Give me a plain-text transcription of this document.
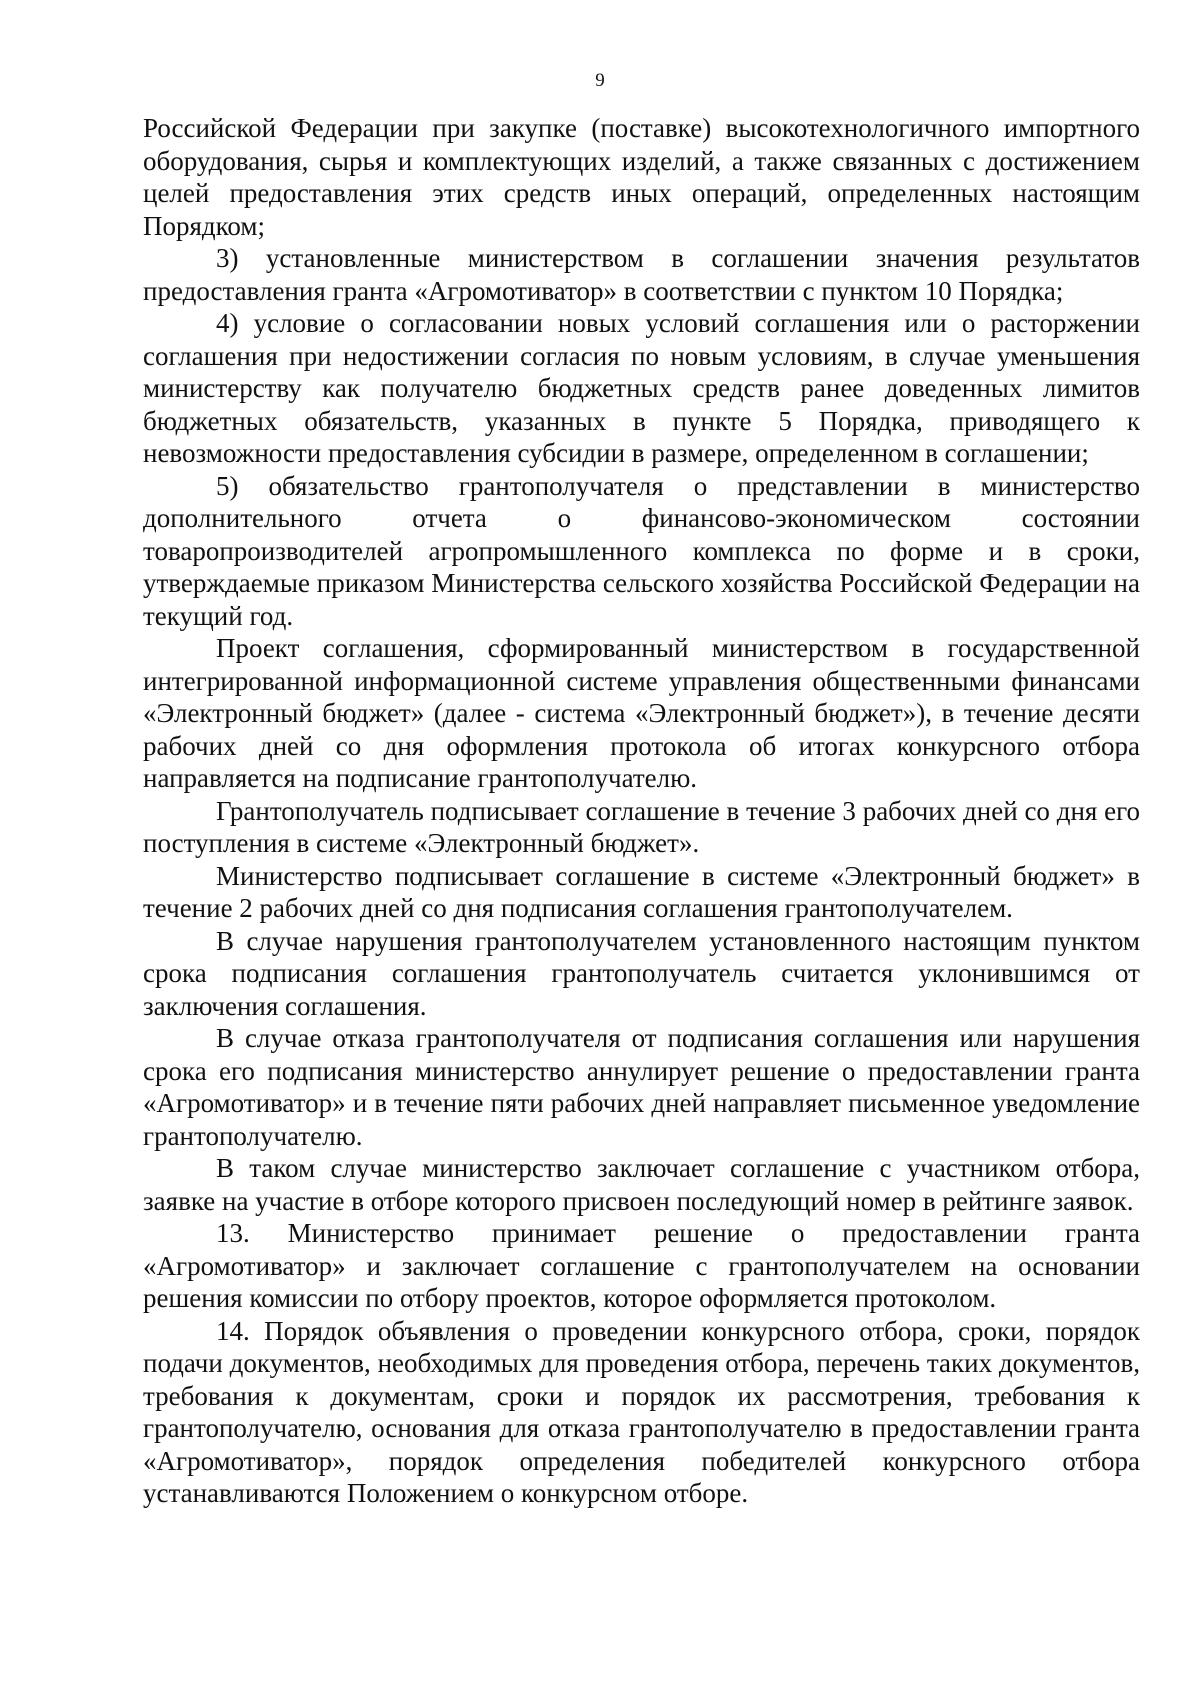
9

Российской Федерации при закупке (поставке) высокотехнологичного импортного оборудования, сырья и комплектующих изделий, а также связанных с достижением целей предоставления этих средств иных операций, определенных настоящим Порядком;

3) установленные министерством в соглашении значения результатов предоставления гранта «Агромотиватор» в соответствии с пунктом 10 Порядка;

4) условие о согласовании новых условий соглашения или о расторжении соглашения при недостижении согласия по новым условиям, в случае уменьшения министерству как получателю бюджетных средств ранее доведенных лимитов бюджетных обязательств, указанных в пункте 5 Порядка, приводящего к невозможности предоставления субсидии в размере, определенном в соглашении;

5) обязательство грантополучателя о представлении в министерство дополнительного отчета о финансово-экономическом состоянии товаропроизводителей агропромышленного комплекса по форме и в сроки, утверждаемые приказом Министерства сельского хозяйства Российской Федерации на текущий год.

Проект соглашения, сформированный министерством в государственной интегрированной информационной системе управления общественными финансами «Электронный бюджет» (далее - система «Электронный бюджет»), в течение десяти рабочих дней со дня оформления протокола об итогах конкурсного отбора направляется на подписание грантополучателю.

Грантополучатель подписывает соглашение в течение 3 рабочих дней со дня его поступления в системе «Электронный бюджет».

Министерство подписывает соглашение в системе «Электронный бюджет» в течение 2 рабочих дней со дня подписания соглашения грантополучателем.

В случае нарушения грантополучателем установленного настоящим пунктом срока подписания соглашения грантополучатель считается уклонившимся от заключения соглашения.

В случае отказа грантополучателя от подписания соглашения или нарушения срока его подписания министерство аннулирует решение о предоставлении гранта «Агромотиватор» и в течение пяти рабочих дней направляет письменное уведомление грантополучателю.

В таком случае министерство заключает соглашение с участником отбора, заявке на участие в отборе которого присвоен последующий номер в рейтинге заявок.

13. Министерство принимает решение о предоставлении гранта «Агромотиватор» и заключает соглашение с грантополучателем на основании решения комиссии по отбору проектов, которое оформляется протоколом.

14. Порядок объявления о проведении конкурсного отбора, сроки, порядок подачи документов, необходимых для проведения отбора, перечень таких документов, требования к документам, сроки и порядок их рассмотрения, требования к грантополучателю, основания для отказа грантополучателю в предоставлении гранта «Агромотиватор», порядок определения победителей конкурсного отбора устанавливаются Положением о конкурсном отборе.
